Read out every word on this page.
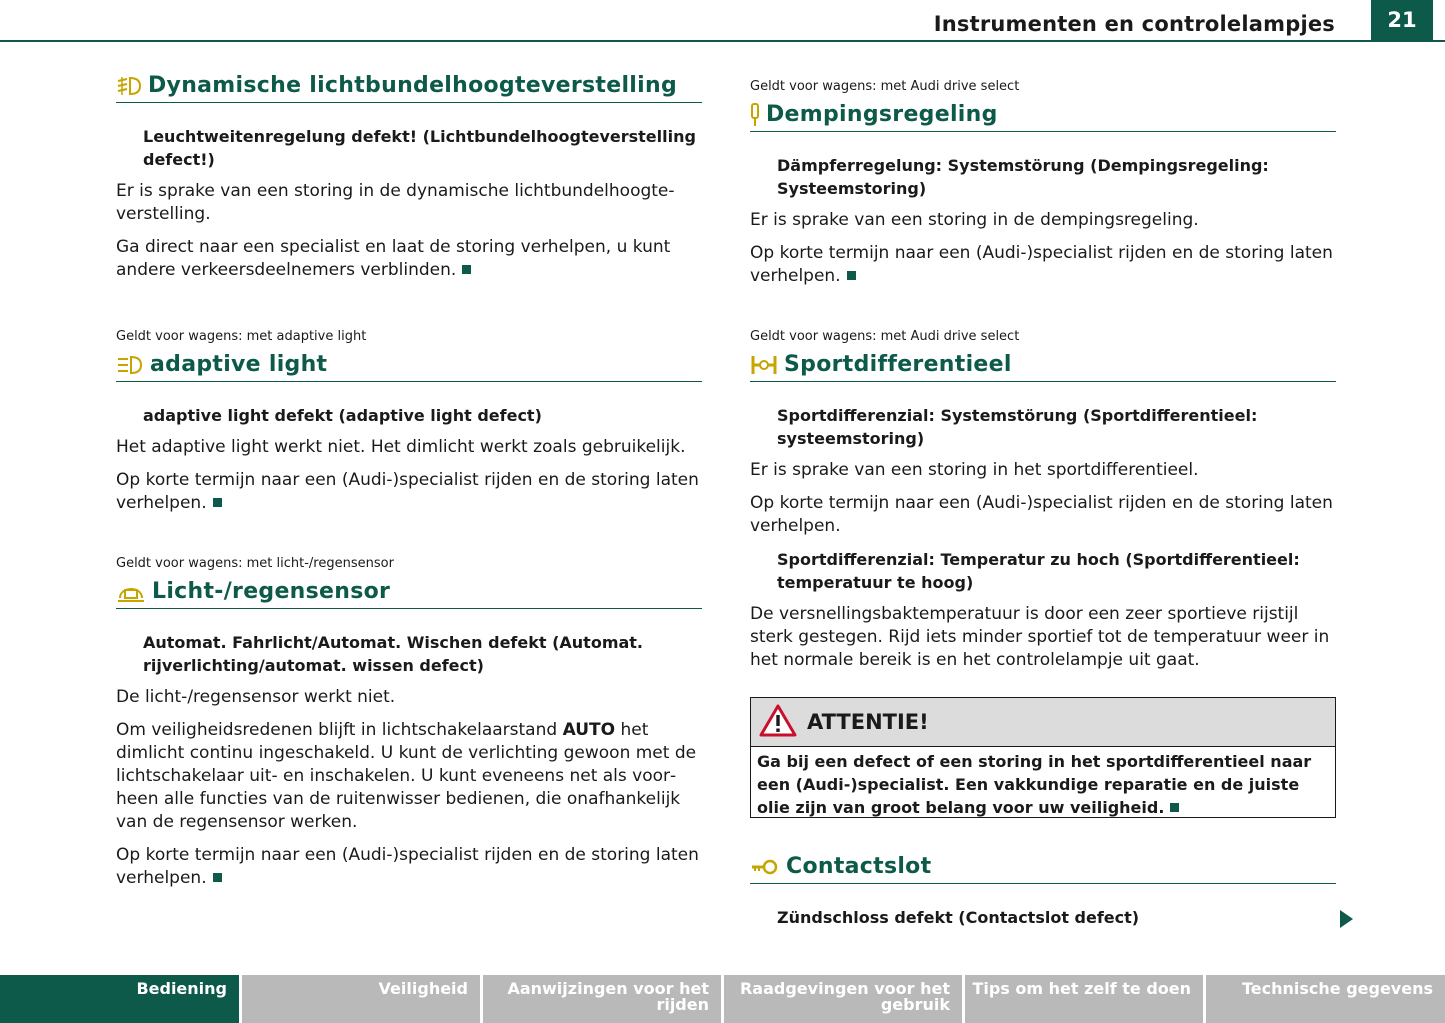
Instrumenten en controlelampjes	21
Dynamische lichtbundelhoogteverstelling
Leuchtweitenregelung defekt! (Lichtbundelhoogteverstelling defect!)

Er is sprake van een storing in de dynamische lichtbundelhoogteverstelling.

Ga direct naar een specialist en laat de storing verhelpen, u kunt andere verkeersdeelnemers verblinden.

Geldt voor wagens: met adaptive light
adaptive light
adaptive light defekt (adaptive light defect)

Het adaptive light werkt niet. Het dimlicht werkt zoals gebruikelijk.

Op korte termijn naar een (Audi-)specialist rijden en de storing laten verhelpen.

Geldt voor wagens: met licht-/regensensor
Licht-/regensensor
Automat. Fahrlicht/Automat. Wischen defekt (Automat. rijverlichting/automat. wissen defect)

De licht-/regensensor werkt niet.

Om veiligheidsredenen blijft in lichtschakelaarstand AUTO het dimlicht continu ingeschakeld. U kunt de verlichting gewoon met de lichtschakelaar uit- en inschakelen. U kunt eveneens net als voorheen alle functies van de ruitenwisser bedienen, die onafhankelijk van de regensensor werken.

Op korte termijn naar een (Audi-)specialist rijden en de storing laten verhelpen.

Geldt voor wagens: met Audi drive select
Dempingsregeling
Dämpferregelung: Systemstörung (Dempingsregeling: Systeemstoring)

Er is sprake van een storing in de dempingsregeling.

Op korte termijn naar een (Audi-)specialist rijden en de storing laten verhelpen.

Geldt voor wagens: met Audi drive select
Sportdifferentieel
Sportdifferenzial: Systemstörung (Sportdifferentieel: systeemstoring)

Er is sprake van een storing in het sportdifferentieel.

Op korte termijn naar een (Audi-)specialist rijden en de storing laten verhelpen.

Sportdifferenzial: Temperatur zu hoch (Sportdifferentieel: temperatuur te hoog)

De versnellingsbaktemperatuur is door een zeer sportieve rijstijl sterk gestegen. Rijd iets minder sportief tot de temperatuur weer in het normale bereik is en het controlelampje uit gaat.

Contactslot
Zündschloss defekt (Contactslot defect)
ATTENTIE!
Ga bij een defect of een storing in het sportdifferentieel naar een (Audi-)specialist. Een vakkundige reparatie en de juiste olie zijn van groot belang voor uw veiligheid.
Bediening	Veiligheid	Aanwijzingen voor het rijden
Raadgevingen voor het gebruik
Tips om het zelf te doen	Technische gegevens
